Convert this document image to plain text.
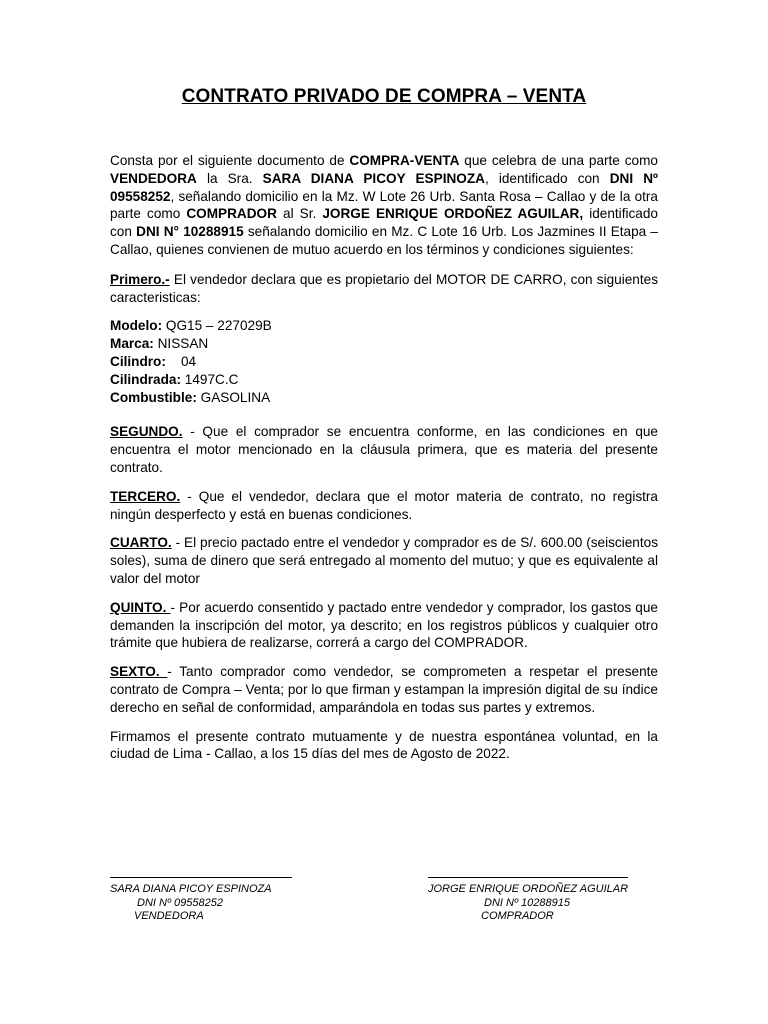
CONTRATO PRIVADO DE COMPRA – VENTA

Consta por el siguiente documento de COMPRA-VENTA que celebra de una parte como VENDEDORA la Sra. SARA DIANA PICOY ESPINOZA, identificado con DNI Nº 09558252, señalando domicilio en la Mz. W Lote 26 Urb. Santa Rosa – Callao y de la otra parte como COMPRADOR al Sr. JORGE ENRIQUE ORDOÑEZ AGUILAR, identificado con DNI N° 10288915 señalando domicilio en Mz. C Lote 16 Urb. Los Jazmines II Etapa – Callao, quienes convienen de mutuo acuerdo en los términos y condiciones siguientes:

Primero.- El vendedor declara que es propietario del MOTOR DE CARRO, con siguientes caracteristicas:

Modelo: QG15 – 227029B
Marca: NISSAN
Cilindro:    04
Cilindrada: 1497C.C
Combustible: GASOLINA

SEGUNDO. - Que el comprador se encuentra conforme, en las condiciones en que encuentra el motor mencionado en la cláusula primera, que es materia del presente contrato.

TERCERO. - Que el vendedor, declara que el motor materia de contrato, no registra ningún desperfecto y está en buenas condiciones.

CUARTO. - El precio pactado entre el vendedor y comprador es de S/. 600.00 (seiscientos soles), suma de dinero que será entregado al momento del mutuo; y que es equivalente al valor del motor

QUINTO. - Por acuerdo consentido y pactado entre vendedor y comprador, los gastos que demanden la inscripción del motor, ya descrito; en los registros públicos y cualquier otro trámite que hubiera de realizarse, correrá a cargo del COMPRADOR.

SEXTO. - Tanto comprador como vendedor, se comprometen a respetar el presente contrato de Compra – Venta; por lo que firman y estampan la impresión digital de su índice derecho en señal de conformidad, amparándola en todas sus partes y extremos.

Firmamos el presente contrato mutuamente y de nuestra espontánea voluntad, en la ciudad de Lima - Callao, a los 15 días del mes de Agosto de 2022.

SARA DIANA PICOY ESPINOZA
DNI Nº 09558252
VENDEDORA
JORGE ENRIQUE ORDOÑEZ AGUILAR
DNI Nº 10288915
COMPRADOR
